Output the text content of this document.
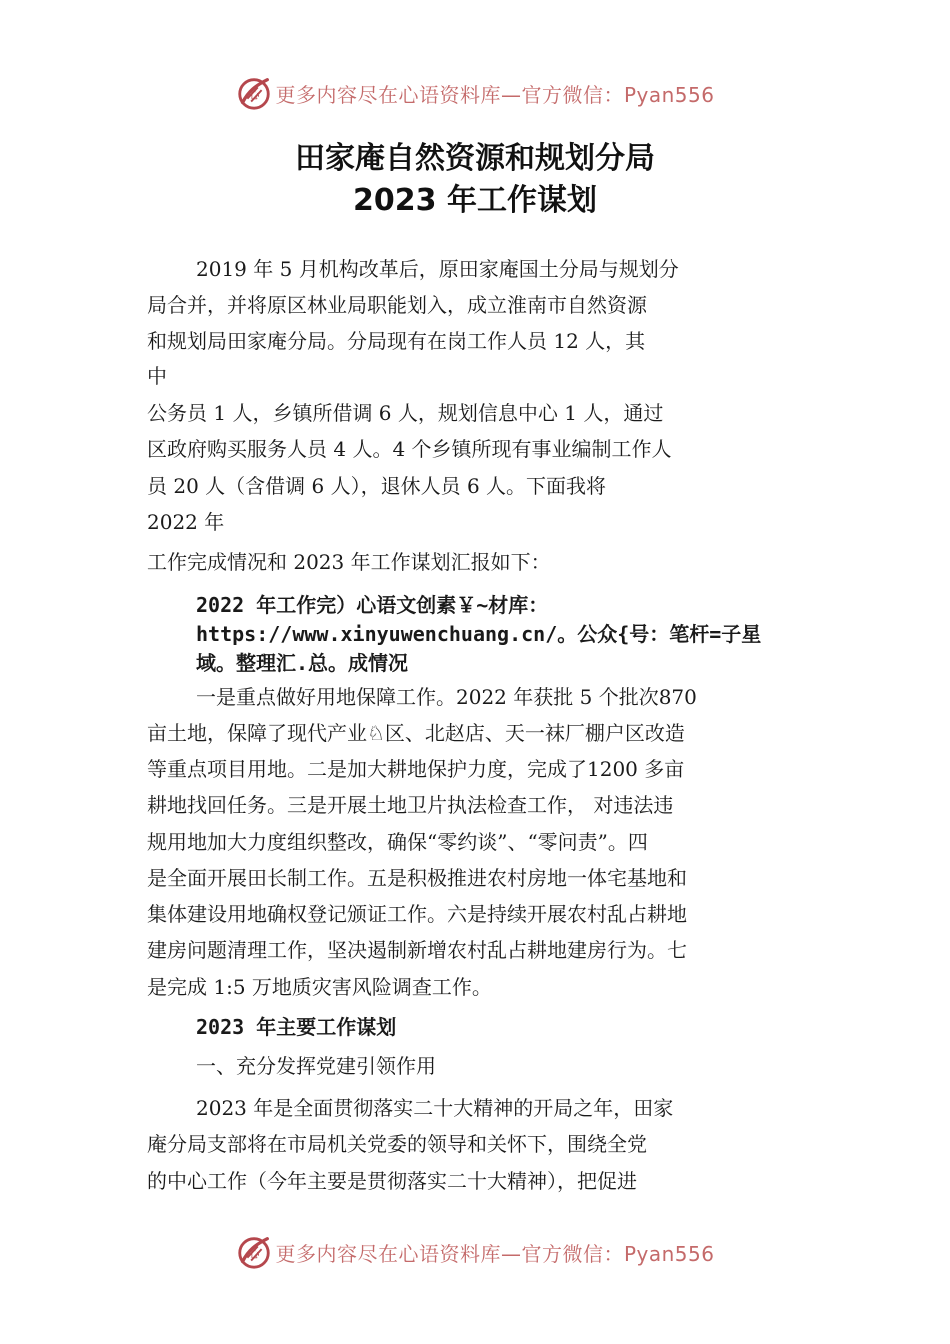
心 更多内容尽在心语资料库—官方微信：Pyan556
田家庵自然资源和规划分局
2023 年工作谋划
2019 年 5 月机构改革后，原田家庵国土分局与规划分
局合并，并将原区林业局职能划入，成立淮南市自然资源
和规划局田家庵分局。分局现有在岗工作人员 12 人，其
中
公务员 1 人，乡镇所借调 6 人，规划信息中心 1 人，通过
区政府购买服务人员 4 人。4 个乡镇所现有事业编制工作人
员 20 人（含借调 6 人），退休人员 6 人。下面我将
2022 年
工作完成情况和 2023 年工作谋划汇报如下：
2022 年工作完）心语文创素￥~材库：
https://www.xinyuwenchuang.cn/。公众{号：笔杆=子星
域。整理汇.总。成情况
一是重点做好用地保障工作。2022 年获批 5 个批次870
亩土地，保障了现代产业♘区、北赵店、天一袜厂棚户区改造
等重点项目用地。二是加大耕地保护力度，完成了1200 多亩
耕地找回任务。三是开展土地卫片执法检查工作， 对违法违
规用地加大力度组织整改，确保“零约谈”、“零问责”。四
是全面开展田长制工作。五是积极推进农村房地一体宅基地和
集体建设用地确权登记颁证工作。六是持续开展农村乱占耕地
建房问题清理工作，坚决遏制新增农村乱占耕地建房行为。七
是完成 1:5 万地质灾害风险调查工作。
2023 年主要工作谋划
一、充分发挥党建引领作用
2023 年是全面贯彻落实二十大精神的开局之年，田家
庵分局支部将在市局机关党委的领导和关怀下，围绕全党
的中心工作（今年主要是贯彻落实二十大精神），把促进
心 更多内容尽在心语资料库—官方微信：Pyan556
